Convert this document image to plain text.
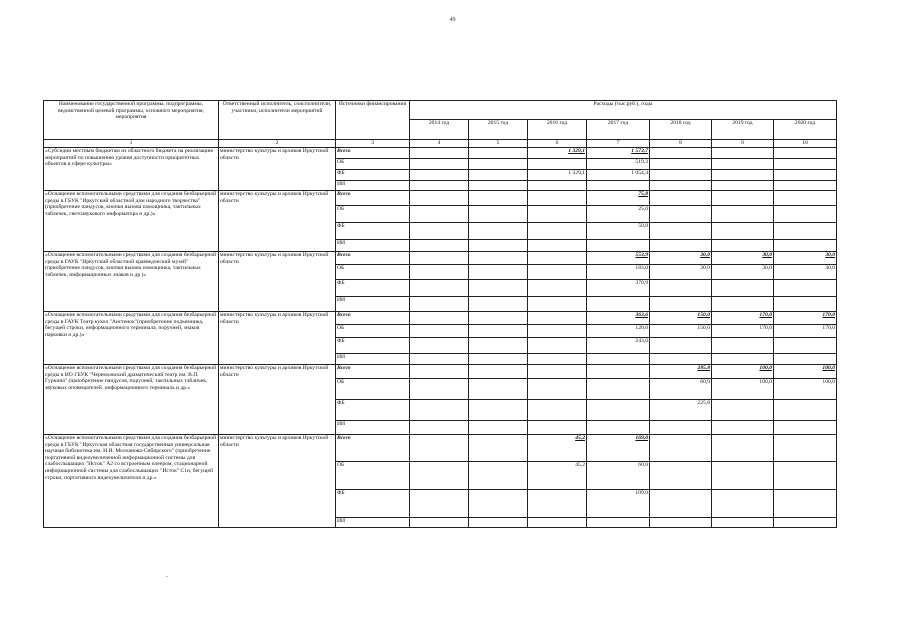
49
Наименование государственной программы, подпрограммы, ведомственной целевой программы, основного мероприятия, мероприятия	Ответственный исполнитель, соисполнители, участники, исполнители мероприятий	Источники финансирования	Расходы (тыс.руб.), годы						
			2014 год	2015 год	2016 год	2017 год	2018 год	2019 год	2020 год
1	2	3	4	5	6	7	8	9	10
«Субсидии местным бюджетам из областного бюджета на реализацию мероприятий по повышению уровня доступности приоритетных объектов в сфере культуры»	министерство культуры и архивов Иркутской области	Всего			1 329,1	1 573,7			
		ОБ				519,3			
		ФБ			1 329,1	1 054,4			
		ИИ							
«Оснащение вспомогательными средствами для создания безбарьерной среды в ГБУК "Иркутский областной дом народного творчества" (приобретение пандусов, кнопки вызова помощника, тактильных табличек, светозвукового информатора и др.)»	министерство культуры и архивов Иркутской области	Всего				75,8			
		ОБ				25,0			
		ФБ				50,8			
		ИИ							
«Оснащение вспомогательными средствами для создания безбарьерной среды в ГАУК "Иркутский областной краеведческий музей" (приобретение пандусов, кнопки вызова помощника, тактильных табличек, информационных знаков и др.)»	министерство культуры и архивов Иркутской области	Всего				553,9	30,0	30,0	30,0
		ОБ				183,0	30,0	30,0	30,0
		ФБ				370,9			
		ИИ							
«Оснащение вспомогательными средствами для создания безбарьерной среды в ГАУК Театр кукол "Аистенок"(приобретение подъемника, бегущей строки, информационного терминала, поручней, знаков парковки и др.)»	министерство культуры и архивов Иркутской области	Всего				363,6	150,0	170,0	170,0
		ОБ				120,0	150,0	170,0	170,0
		ФБ				243,6			
		ИИ							
«Оснащение вспомогательными средствами для создания безбарьерной среды в ИО ГБУК "Черемховский драматический театр им. В.П. Гуркина" (приобретение пандусов, поручней, тактильных табличек, звуковых оповещателей, информационного терминала и др.»	министерство культуры и архивов Иркутской области	Всего					285,8	100,0	100,0
		ОБ					60,0	100,0	100,0
		ФБ					225,8		
		ИИ							
«Оснащение вспомогательными средствами для создания безбарьерной среды в ГБУК "Иркутская областная государственная универсальная научная библиотека им. И.И. Молчанова-Сибирского" (приобретение портативной видеоувеличенной информационной системы для слабослышащих "Исток" А2 со встроенным плеером, стационарной информационной системы для слабослышащих "Исток" С1н, бегущей строки, портативного видеоувеличителя и др.»	министерство культуры и архивов Иркутской области	Всего			45,2	169,0			
		ОБ			45,2	60,0			
		ФБ				109,0			
		ИИ							
-
